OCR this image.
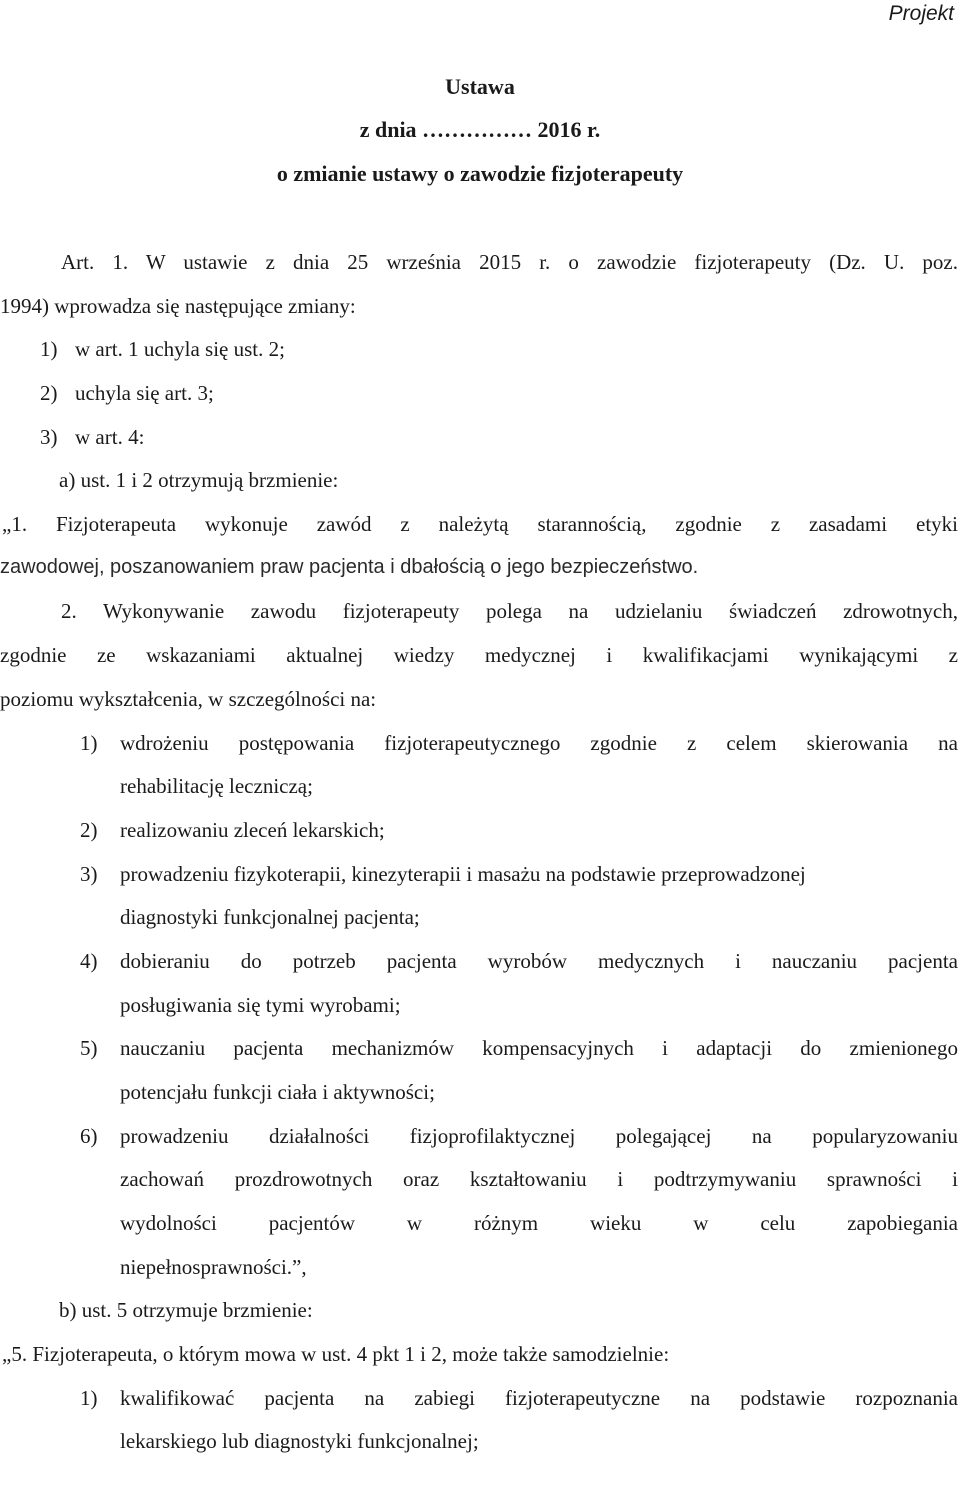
Projekt
Ustawa
z dnia …………… 2016 r.
o zmianie ustawy o zawodzie fizjoterapeuty
Art. 1. W ustawie z dnia 25 września 2015 r. o zawodzie fizjoterapeuty (Dz. U. poz.
1994) wprowadza się następujące zmiany:
1) w art. 1 uchyla się ust. 2;
2) uchyla się art. 3;
3) w art. 4:
a) ust. 1 i 2 otrzymują brzmienie:
„1. Fizjoterapeuta wykonuje zawód z należytą starannością, zgodnie z zasadami etyki
zawodowej, poszanowaniem praw pacjenta i dbałością o jego bezpieczeństwo.
2. Wykonywanie zawodu fizjoterapeuty polega na udzielaniu świadczeń zdrowotnych,
zgodnie ze wskazaniami aktualnej wiedzy medycznej i kwalifikacjami wynikającymi z
poziomu wykształcenia, w szczególności na:
1) wdrożeniu postępowania fizjoterapeutycznego zgodnie z celem skierowania na
rehabilitację leczniczą;
2) realizowaniu zleceń lekarskich;
3) prowadzeniu fizykoterapii, kinezyterapii i masażu na podstawie przeprowadzonej
diagnostyki funkcjonalnej pacjenta;
4) dobieraniu do potrzeb pacjenta wyrobów medycznych i nauczaniu pacjenta
posługiwania się tymi wyrobami;
5) nauczaniu pacjenta mechanizmów kompensacyjnych i adaptacji do zmienionego
potencjału funkcji ciała i aktywności;
6) prowadzeniu działalności fizjoprofilaktycznej polegającej na popularyzowaniu
zachowań prozdrowotnych oraz kształtowaniu i podtrzymywaniu sprawności i
wydolności pacjentów w różnym wieku w celu zapobiegania
niepełnosprawności.”,
b) ust. 5 otrzymuje brzmienie:
„5. Fizjoterapeuta, o którym mowa w ust. 4 pkt 1 i 2, może także samodzielnie:
1) kwalifikować pacjenta na zabiegi fizjoterapeutyczne na podstawie rozpoznania
lekarskiego lub diagnostyki funkcjonalnej;
